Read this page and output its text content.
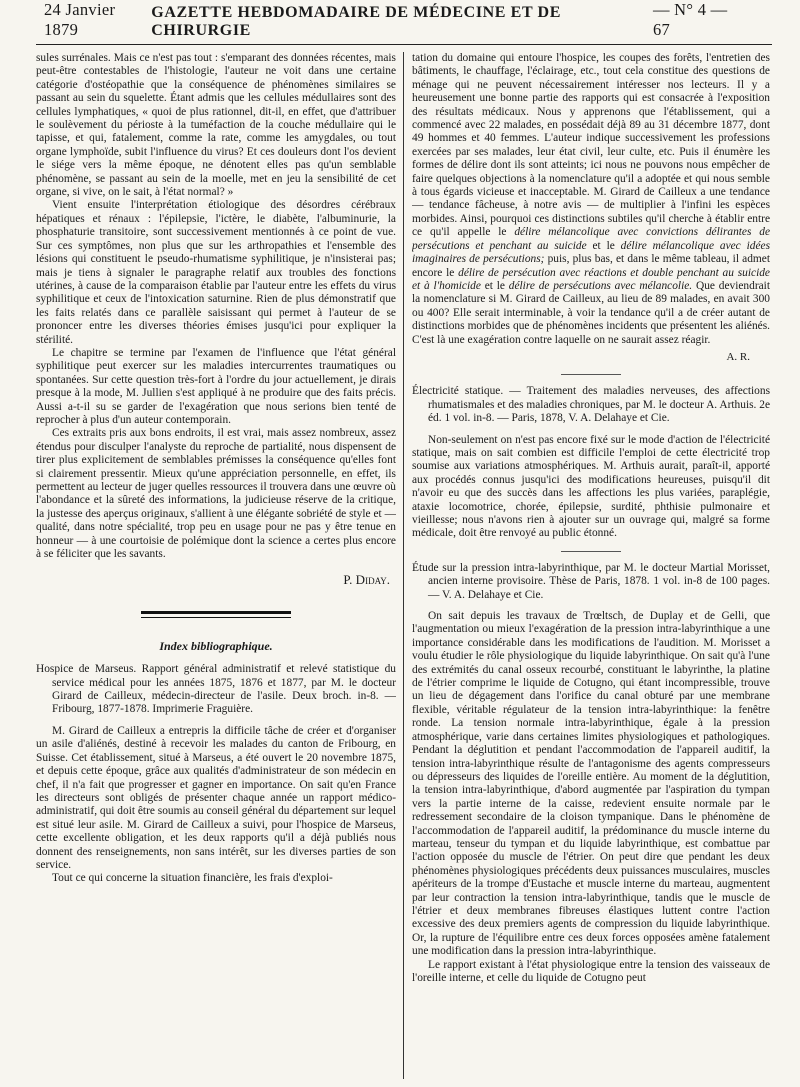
24 Janvier 1879
GAZETTE HEBDOMADAIRE DE MÉDECINE ET DE CHIRURGIE
— N° 4 —     67

sules surrénales. Mais ce n'est pas tout : s'emparant des données récentes, mais peut-être contestables de l'histologie, l'auteur ne voit dans une certaine catégorie d'ostéopathie que la conséquence de phénomènes similaires se passant au sein du squelette. Étant admis que les cellules médullaires sont des cellules lymphatiques, « quoi de plus rationnel, dit-il, en effet, que d'attribuer le soulèvement du périoste à la tuméfaction de la couche médullaire qui le tapisse, et qui, fatalement, comme la rate, comme les amygdales, ou tout organe lymphoïde, subit l'influence du virus? Et ces douleurs dont l'os devient le siége vers la même époque, ne dénotent elles pas qu'un semblable phénomène, se passant au sein de la moelle, met en jeu la sensibilité de cet organe, si vive, on le sait, à l'état normal? »

Vient ensuite l'interprétation étiologique des désordres cérébraux hépatiques et rénaux : l'épilepsie, l'ictère, le diabète, l'albuminurie, la phosphaturie transitoire, sont successivement mentionnés à ce point de vue. Sur ces symptômes, non plus que sur les arthropathies et l'ensemble des lésions qui constituent le pseudo-rhumatisme syphilitique, je n'insisterai pas; mais je tiens à signaler le paragraphe relatif aux troubles des fonctions utérines, à cause de la comparaison établie par l'auteur entre les effets du virus syphilitique et ceux de l'intoxication saturnine. Rien de plus démonstratif que les faits relatés dans ce parallèle saisissant qui permet à l'auteur de se prononcer entre les diverses théories émises jusqu'ici pour expliquer la stérilité.

Le chapitre se termine par l'examen de l'influence que l'état général syphilitique peut exercer sur les maladies intercurrentes traumatiques ou spontanées. Sur cette question très-fort à l'ordre du jour actuellement, je dirais presque à la mode, M. Jullien s'est appliqué à ne produire que des faits précis. Aussi a-t-il su se garder de l'exagération que nous serions bien tenté de reprocher à plus d'un auteur contemporain.

Ces extraits pris aux bons endroits, il est vrai, mais assez nombreux, assez étendus pour disculper l'analyste du reproche de partialité, nous dispensent de tirer plus explicitement de semblables prémisses la conséquence qu'elles font si clairement pressentir. Mieux qu'une appréciation personnelle, en effet, ils permettent au lecteur de juger quelles ressources il trouvera dans une œuvre où l'abondance et la sûreté des informations, la judicieuse réserve de la critique, la justesse des aperçus originaux, s'allient à une élégante sobriété de style et — qualité, dans notre spécialité, trop peu en usage pour ne pas y être tenue en honneur — à une courtoisie de polémique dont la science a certes plus encore à se féliciter que les savants.

P. Diday.
Index bibliographique.

Hospice de Marseus. Rapport général administratif et relevé statistique du service médical pour les années 1875, 1876 et 1877, par M. le docteur Girard de Cailleux, médecin-directeur de l'asile. Deux broch. in-8. — Fribourg, 1877-1878. Imprimerie Fraguière.

M. Girard de Cailleux a entrepris la difficile tâche de créer et d'organiser un asile d'aliénés, destiné à recevoir les malades du canton de Fribourg, en Suisse. Cet établissement, situé à Marseus, a été ouvert le 20 novembre 1875, et depuis cette époque, grâce aux qualités d'administrateur de son médecin en chef, il n'a fait que progresser et gagner en importance. On sait qu'en France les directeurs sont obligés de présenter chaque année un rapport médico-administratif, qui doit être soumis au conseil général du département sur lequel est situé leur asile. M. Girard de Cailleux a suivi, pour l'hospice de Marseus, cette excellente obligation, et les deux rapports qu'il a déjà publiés nous donnent des renseignements, non sans intérêt, sur les diverses parties de son service.

Tout ce qui concerne la situation financière, les frais d'exploi-

tation du domaine qui entoure l'hospice, les coupes des forêts, l'entretien des bâtiments, le chauffage, l'éclairage, etc., tout cela constitue des questions de ménage qui ne peuvent nécessairement intéresser nos lecteurs. Il y a heureusement une bonne partie des rapports qui est consacrée à l'exposition des résultats médicaux. Nous y apprenons que l'établissement, qui a commencé avec 22 malades, en possédait déjà 89 au 31 décembre 1877, dont 49 hommes et 40 femmes. L'auteur indique successivement les professions exercées par ses malades, leur état civil, leur culte, etc. Puis il énumère les formes de délire dont ils sont atteints; ici nous ne pouvons nous empêcher de faire quelques objections à la nomenclature qu'il a adoptée et qui nous semble à tous égards vicieuse et inacceptable. M. Girard de Cailleux a une tendance — tendance fâcheuse, à notre avis — de multiplier à l'infini les espèces morbides. Ainsi, pourquoi ces distinctions subtiles qu'il cherche à établir entre ce qu'il appelle le délire mélancolique avec convictions délirantes de persécutions et penchant au suicide et le délire mélancolique avec idées imaginaires de persécutions; puis, plus bas, et dans le même tableau, il admet encore le délire de persécution avec réactions et double penchant au suicide et à l'homicide et le délire de persécutions avec mélancolie. Que deviendrait la nomenclature si M. Girard de Cailleux, au lieu de 89 malades, en avait 300 ou 400? Elle serait interminable, à voir la tendance qu'il a de créer autant de distinctions morbides que de phénomènes incidents que présentent les aliénés. C'est là une exagération contre laquelle on ne saurait assez réagir.

A. R.

Électricité statique. — Traitement des maladies nerveuses, des affections rhumatismales et des maladies chroniques, par M. le docteur A. Arthuis. 2e éd. 1 vol. in-8. — Paris, 1878, V. A. Delahaye et Cie.

Non-seulement on n'est pas encore fixé sur le mode d'action de l'électricité statique, mais on sait combien est difficile l'emploi de cette électricité trop soumise aux variations atmosphériques. M. Arthuis aurait, paraît-il, apporté aux procédés connus jusqu'ici des modifications heureuses, puisqu'il dit n'avoir eu que des succès dans les affections les plus variées, paraplégie, ataxie locomotrice, chorée, épilepsie, surdité, phthisie pulmonaire et vieillesse; nous n'avons rien à ajouter sur un ouvrage qui, malgré sa forme médicale, doit être renvoyé au public étonné.

Étude sur la pression intra-labyrinthique, par M. le docteur Martial Morisset, ancien interne provisoire. Thèse de Paris, 1878. 1 vol. in-8 de 100 pages. — V. A. Delahaye et Cie.

On sait depuis les travaux de Trœltsch, de Duplay et de Gelli, que l'augmentation ou mieux l'exagération de la pression intra-labyrinthique a une importance considérable dans les modifications de l'audition. M. Morisset a voulu étudier le rôle physiologique du liquide labyrinthique. On sait qu'à l'une des extrémités du canal osseux recourbé, constituant le labyrinthe, la platine de l'étrier comprime le liquide de Cotugno, qui étant incompressible, trouve un lieu de dégagement dans l'orifice du canal obturé par une membrane flexible, véritable régulateur de la tension intra-labyrinthique: la fenêtre ronde. La tension normale intra-labyrinthique, égale à la pression atmosphérique, varie dans certaines limites physiologiques et pathologiques. Pendant la déglutition et pendant l'accommodation de l'appareil auditif, la tension intra-labyrinthique résulte de l'antagonisme des agents compresseurs ou dépresseurs des liquides de l'oreille entière. Au moment de la déglutition, la tension intra-labyrinthique, d'abord augmentée par l'aspiration du tympan vers la partie interne de la caisse, redevient ensuite normale par le redressement secondaire de la cloison tympanique. Dans le phénomène de l'accommodation de l'appareil auditif, la prédominance du muscle interne du marteau, tenseur du tympan et du liquide labyrinthique, est combattue par l'action opposée du muscle de l'étrier. On peut dire que pendant les deux phénomènes physiologiques précédents deux puissances musculaires, muscles apériteurs de la trompe d'Eustache et muscle interne du marteau, augmentent par leur contraction la tension intra-labyrinthique, tandis que le muscle de l'étrier et deux membranes fibreuses élastiques luttent contre l'action excessive des deux premiers agents de compression du liquide labyrinthique. Or, la rupture de l'équilibre entre ces deux forces opposées amène fatalement une modification dans la pression intra-labyrinthique.

Le rapport existant à l'état physiologique entre la tension des vaisseaux de l'oreille interne, et celle du liquide de Cotugno peut
